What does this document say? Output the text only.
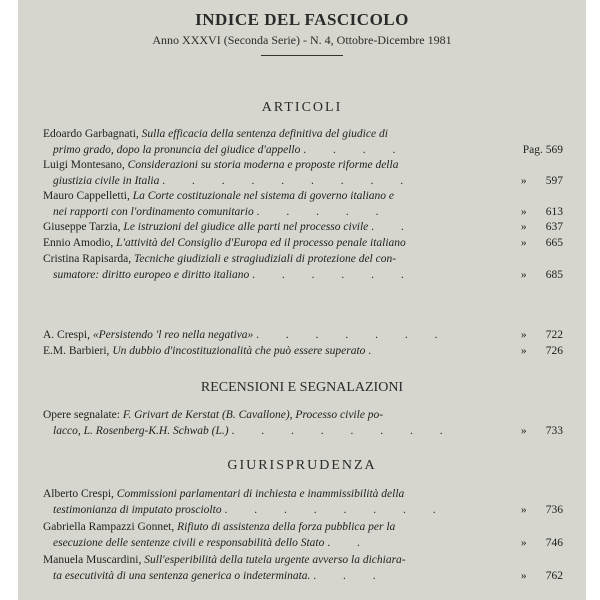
INDICE DEL FASCICOLO
Anno XXXVI (Seconda Serie) - N. 4, Ottobre-Dicembre 1981
ARTICOLI
Edoardo Garbagnati, Sulla efficacia della sentenza definitiva del giudice di
primo grado, dopo la pronuncia del giudice d'appello . . . .	Pag. 569
Luigi Montesano, Considerazioni su storia moderna e proposte riforme della
giustizia civile in Italia . . . . . . . . .	» 597
Mauro Cappelletti, La Corte costituzionale nel sistema di governo italiano e
nei rapporti con l'ordinamento comunitario . . . . .	» 613
Giuseppe Tarzia, Le istruzioni del giudice alle parti nel processo civile . .	» 637
Ennio Amodio, L'attività del Consiglio d'Europa ed il processo penale italiano	» 665
Cristina Rapisarda, Tecniche giudiziali e stragiudiziali di protezione del con-
sumatore: diritto europeo e diritto italiano . . . . . .	» 685
A. Crespi, «Persistendo 'l reo nella negativa» . . . . . . .	» 722
E.M. Barbieri, Un dubbio d'incostituzionalità che può essere superato .	» 726
RECENSIONI E SEGNALAZIONI
Opere segnalate: F. Grivart de Kerstat (B. Cavallone), Processo civile po-
lacco, L. Rosenberg-K.H. Schwab (L.) . . . . . . . .	» 733
GIURISPRUDENZA
Alberto Crespi, Commissioni parlamentari di inchiesta e inammissibilità della
testimonianza di imputato prosciolto . . . . . . . .	» 736
Gabriella Rampazzi Gonnet, Rifiuto di assistenza della forza pubblica per la
esecuzione delle sentenze civili e responsabilità dello Stato . .	» 746
Manuela Muscardini, Sull'esperibilità della tutela urgente avverso la dichiara-
ta esecutività di una sentenza generica o indeterminata. . . .	» 762
